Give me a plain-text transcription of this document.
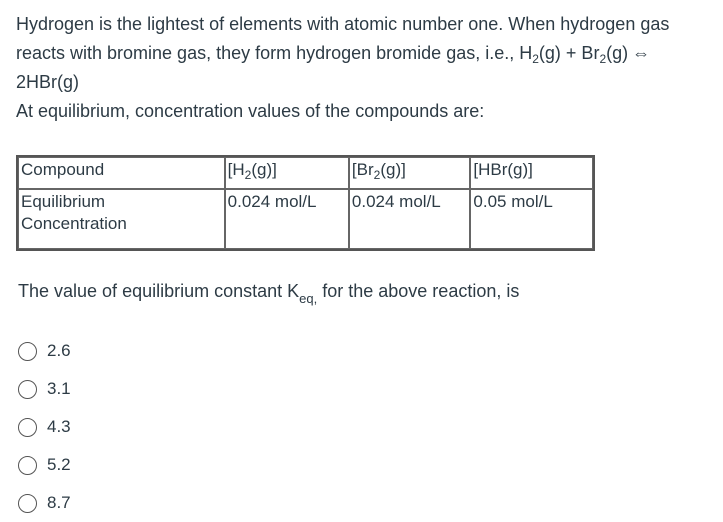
Hydrogen is the lightest of elements with atomic number one. When hydrogen gas

reacts with bromine gas, they form hydrogen bromide gas, i.e., $H_2(g) + Br_2(g)$ ⇔

2HBr(g)

At equilibrium, concentration values of the compounds are:

Compound	$[H_2(g)]$	$[Br_2(g)]$	[HBr(g)]
Equilibrium
Concentration	0.024 mol/L	0.024 mol/L	0.05 mol/L
The value of equilibrium constant $K_{eq,}$ for the above reaction, is
2.6
3.1
4.3
5.2
8.7
